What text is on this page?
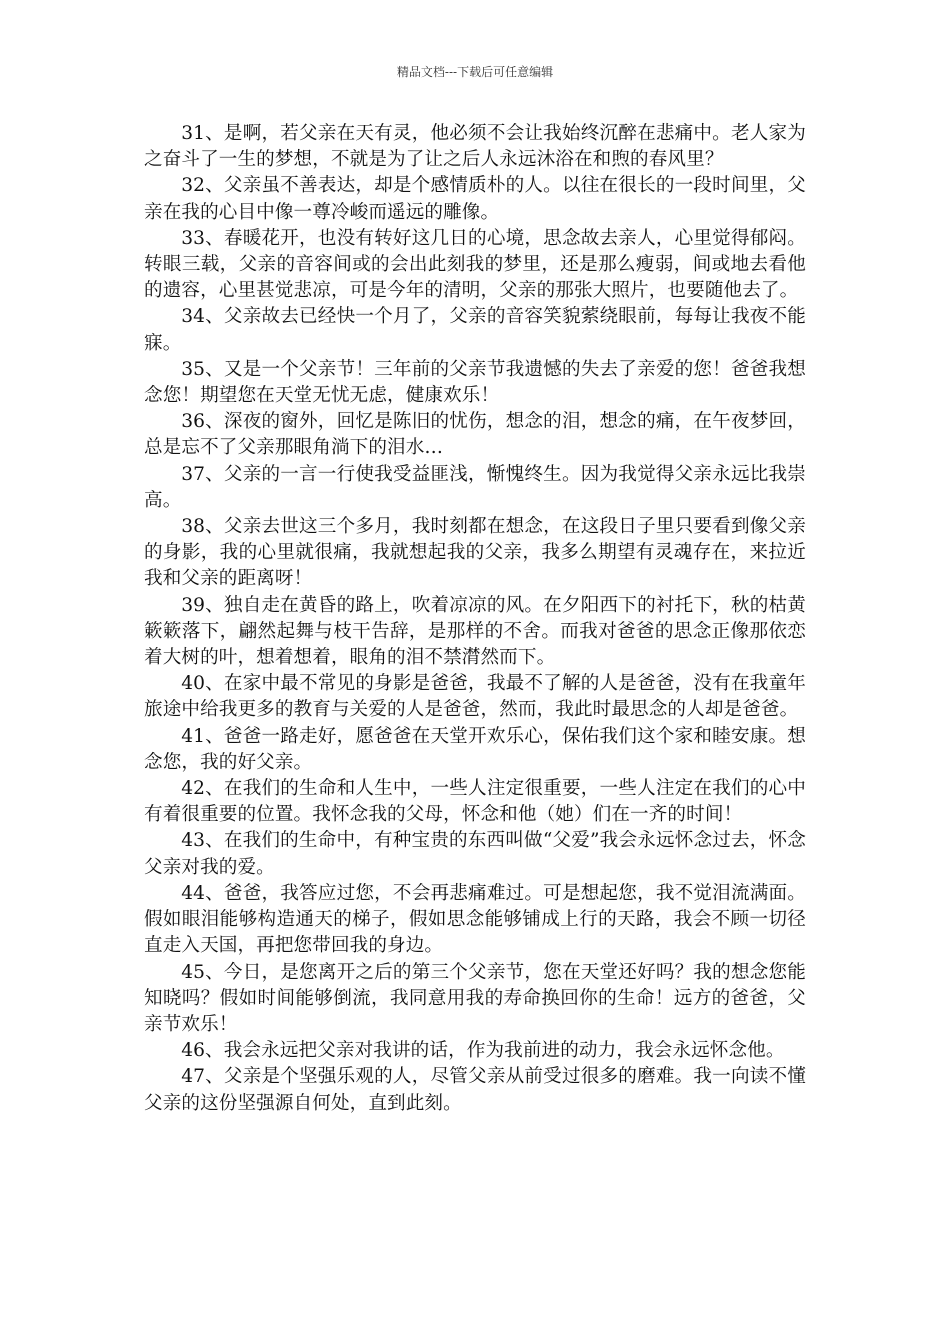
精品文档---下载后可任意编辑

31、是啊，若父亲在天有灵，他必须不会让我始终沉醉在悲痛中。老人家为之奋斗了一生的梦想，不就是为了让之后人永远沐浴在和煦的春风里？

32、父亲虽不善表达，却是个感情质朴的人。以往在很长的一段时间里，父亲在我的心目中像一尊冷峻而遥远的雕像。

33、春暖花开，也没有转好这几日的心境，思念故去亲人，心里觉得郁闷。转眼三载，父亲的音容间或的会出此刻我的梦里，还是那么瘦弱，间或地去看他的遗容，心里甚觉悲凉，可是今年的清明，父亲的那张大照片，也要随他去了。

34、父亲故去已经快一个月了，父亲的音容笑貌萦绕眼前，每每让我夜不能寐。

35、又是一个父亲节！三年前的父亲节我遗憾的失去了亲爱的您！爸爸我想念您！期望您在天堂无忧无虑，健康欢乐！

36、深夜的窗外，回忆是陈旧的忧伤，想念的泪，想念的痛，在午夜梦回，总是忘不了父亲那眼角淌下的泪水…

37、父亲的一言一行使我受益匪浅，惭愧终生。因为我觉得父亲永远比我崇高。

38、父亲去世这三个多月，我时刻都在想念，在这段日子里只要看到像父亲的身影，我的心里就很痛，我就想起我的父亲，我多么期望有灵魂存在，来拉近我和父亲的距离呀！

39、独自走在黄昏的路上，吹着凉凉的风。在夕阳西下的衬托下，秋的枯黄簌簌落下，翩然起舞与枝干告辞，是那样的不舍。而我对爸爸的思念正像那依恋着大树的叶，想着想着，眼角的泪不禁潸然而下。

40、在家中最不常见的身影是爸爸，我最不了解的人是爸爸，没有在我童年旅途中给我更多的教育与关爱的人是爸爸，然而，我此时最思念的人却是爸爸。

41、爸爸一路走好，愿爸爸在天堂开欢乐心，保佑我们这个家和睦安康。想念您，我的好父亲。

42、在我们的生命和人生中，一些人注定很重要，一些人注定在我们的心中有着很重要的位置。我怀念我的父母，怀念和他（她）们在一齐的时间！

43、在我们的生命中，有种宝贵的东西叫做“父爱”我会永远怀念过去，怀念父亲对我的爱。

44、爸爸，我答应过您，不会再悲痛难过。可是想起您，我不觉泪流满面。假如眼泪能够构造通天的梯子，假如思念能够铺成上行的天路，我会不顾一切径直走入天国，再把您带回我的身边。

45、今日，是您离开之后的第三个父亲节，您在天堂还好吗？我的想念您能知晓吗？假如时间能够倒流，我同意用我的寿命换回你的生命！远方的爸爸，父亲节欢乐！

46、我会永远把父亲对我讲的话，作为我前进的动力，我会永远怀念他。

47、父亲是个坚强乐观的人，尽管父亲从前受过很多的磨难。我一向读不懂父亲的这份坚强源自何处，直到此刻。
